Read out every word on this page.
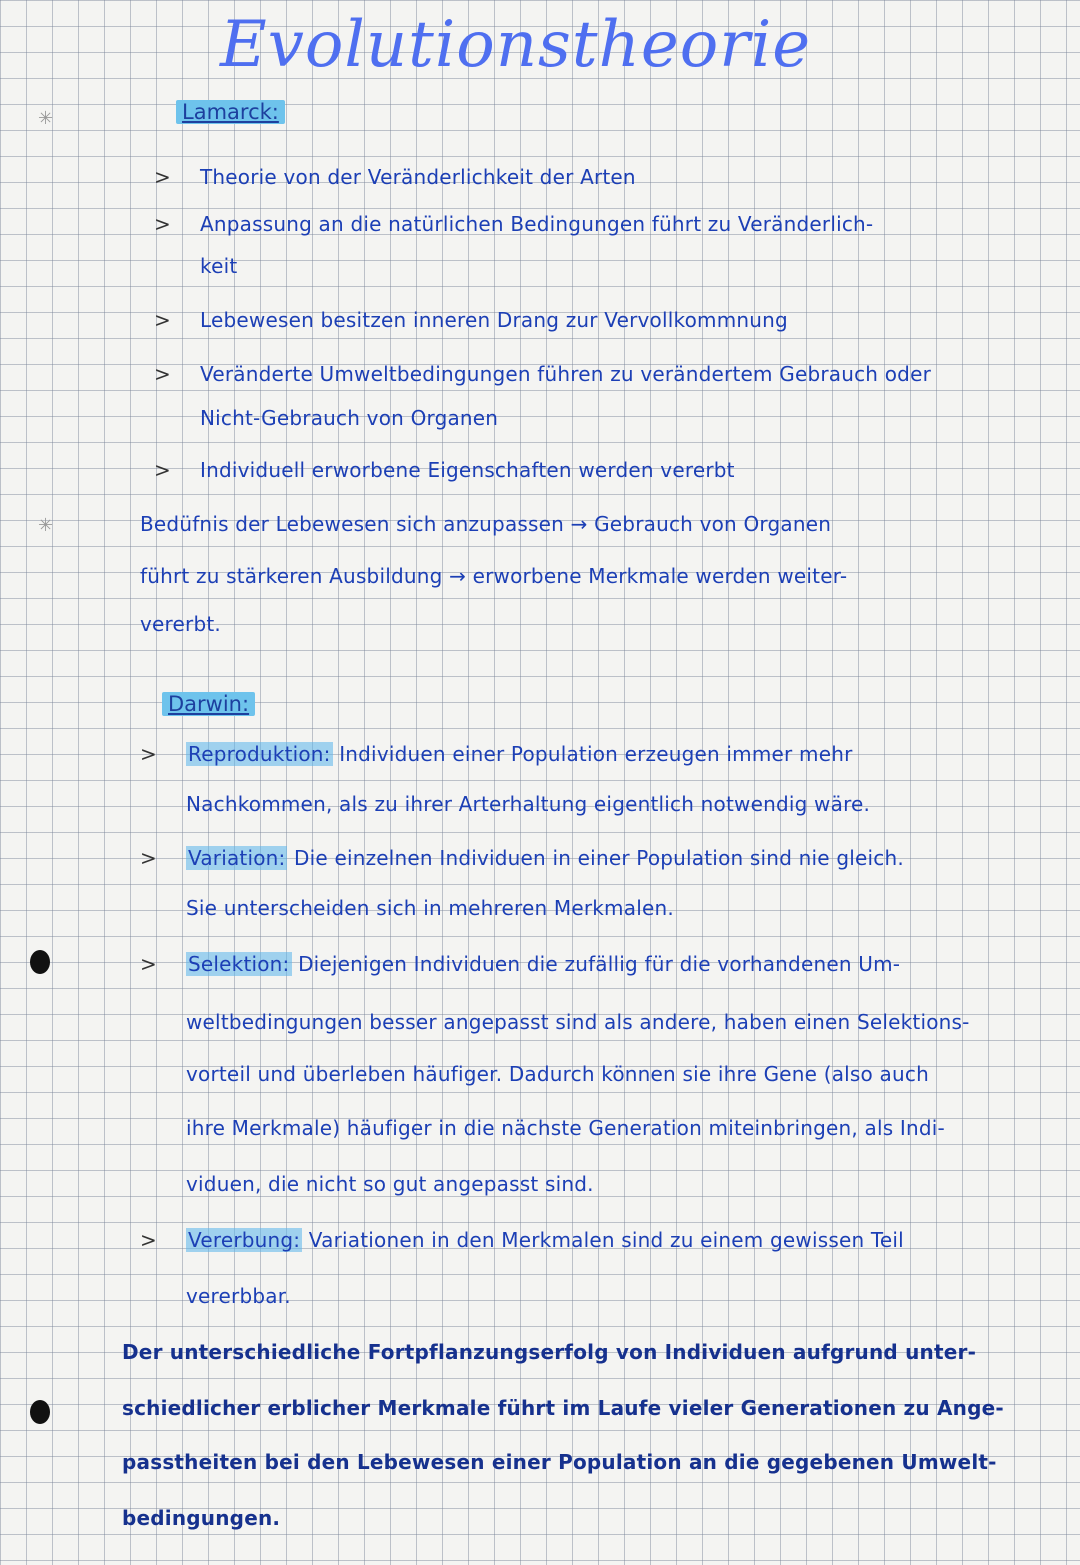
Evolutionstheorie
✳
✳
Lamarck:
> Theorie von der Veränderlichkeit der Arten
> Anpassung an die natürlichen Bedingungen führt zu Veränderlich-
keit
> Lebewesen besitzen inneren Drang zur Vervollkommnung
> Veränderte Umweltbedingungen führen zu verändertem Gebrauch oder
Nicht-Gebrauch von Organen
> Individuell erworbene Eigenschaften werden vererbt
Bedüfnis der Lebewesen sich anzupassen → Gebrauch von Organen
führt zu stärkeren Ausbildung → erworbene Merkmale werden weiter-
vererbt.
Darwin:
> Reproduktion: Individuen einer Population erzeugen immer mehr
Nachkommen, als zu ihrer Arterhaltung eigentlich notwendig wäre.
> Variation: Die einzelnen Individuen in einer Population sind nie gleich.
Sie unterscheiden sich in mehreren Merkmalen.
> Selektion: Diejenigen Individuen die zufällig für die vorhandenen Um-
weltbedingungen besser angepasst sind als andere, haben einen Selektions-
vorteil und überleben häufiger. Dadurch können sie ihre Gene (also auch
ihre Merkmale) häufiger in die nächste Generation miteinbringen, als Indi-
viduen, die nicht so gut angepasst sind.
> Vererbung: Variationen in den Merkmalen sind zu einem gewissen Teil
vererbbar.
Der unterschiedliche Fortpflanzungserfolg von Individuen aufgrund unter-
schiedlicher erblicher Merkmale führt im Laufe vieler Generationen zu Ange-
passtheiten bei den Lebewesen einer Population an die gegebenen Umwelt-
bedingungen.
